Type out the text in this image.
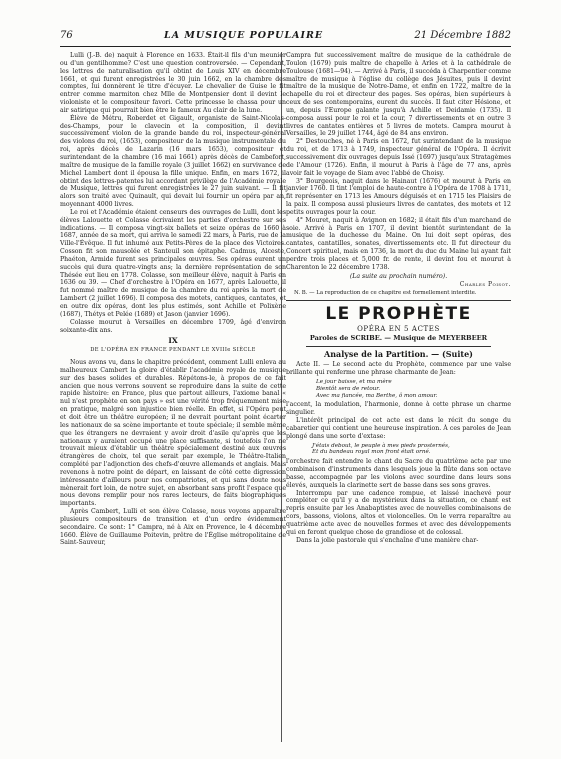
76	LA MUSIQUE POPULAIRE	21 Décembre 1882

Lulli (J.-B. de) naquit à Florence en 1633. Était-il fils d'un meunier ou d'un gentilhomme? C'est une question controversée. — Cependant, les lettres de naturalisation qu'il obtint de Louis XIV en décembre 1661, et qui furent enregistrées le 30 juin 1662, en la chambre des comptes, lui donnèrent le titre d'écuyer. Le chevalier de Guise le fit entrer comme marmiton chez Mlle de Montpensier dont il devint le violoniste et le compositeur favori. Cette princesse le chassa pour un air satirique qui pourrait bien être le fameux Au clair de la lune.

Élève de Métru, Roberdet et Gigault, organiste de Saint-Nicolas-des-Champs, pour le clavecin et la composition, il devint successivement violon de la grande bande du roi, inspecteur-général des violons du roi, (1653), compositeur de la musique instrumentale du roi, après décès de Lazarin (16 mars 1653), compositeur et surintendant de la chambre (16 mai 1661) après décès de Cambefort, maître de musique de la famille royale (3 juillet 1662) en survivance de Michel Lambert dont il épousa la fille unique. Enfin, en mars 1672, il obtint des lettres-patentes lui accordant privilège de l'Académie royale de Musique, lettres qui furent enregistrées le 27 juin suivant. — Il fit alors son traité avec Quinault, qui devait lui fournir un opéra par an, moyennant 4000 livres.

Le roi et l'Académie étaient censeurs des ouvrages de Lulli, dont les élèves Lalouette et Colasse écrivaient les parties d'orchestre sur ses indications. — Il composa vingt-six ballets et seize opéras de 1660 à 1687, année de sa mort, qui arriva le samedi 22 mars, à Paris, rue de la Ville-l'Évêque. Il fut inhumé aux Petits-Pères de la place des Victoires. Cosson fit son mausolée et Santeuil son épitaphe. Cadmus, Alceste, Phaéton, Armide furent ses principales œuvres. Ses opéras eurent un succès qui dura quatre-vingts ans; la dernière représentation de son Thésée eut lieu en 1778. Colasse, son meilleur élève, naquit à Paris en 1636 ou 39. — Chef d'orchestre à l'Opéra en 1677, après Lalouette, il fut nommé maître de musique de la chambre du roi après la mort de Lambert (2 juillet 1696). Il composa des motets, cantiques, cantates, et en outre dix opéras, dont les plus estimés, sont Achille et Polixène (1687), Thétys et Pelée (1689) et Jason (janvier 1696).

Colasse mourut à Versailles en décembre 1709, âgé d'environ soixante-dix ans.

IX
DE L'OPÉRA EN FRANCE PENDANT LE XVIIIe SIÈCLE

Nous avons vu, dans le chapitre précédent, comment Lulli enleva au malheureux Cambert la gloire d'établir l'académie royale de musique sur des bases solides et durables. Répétons-le, à propos de ce fait ancien que nous verrons souvent se reproduire dans la suite de cette rapide histoire: en France, plus que partout ailleurs, l'axiome banal « nul n'est prophète en son pays » est une vérité trop fréquemment mise en pratique, malgré son injustice bien réelle. En effet, si l'Opéra peut et doit être un théâtre européen; il ne devrait pourtant point écarter les nationaux de sa scène importante et toute spéciale; il semble même que les étrangers ne devraient y avoir droit d'asile qu'après que les nationaux y auraient occupé une place suffisante, si toutefois l'on ne trouvait mieux d'établir un théâtre spécialement destiné aux œuvres étrangères de choix, tel que serait par exemple, le Théâtre-Italien complété par l'adjonction des chefs-d'œuvre allemands et anglais. Mais revenons à notre point de départ, en laissant de côté cette digression intéressante d'ailleurs pour nos compatriotes, et qui sans doute nous mènerait fort loin, de notre sujet, en absorbant sans profit l'espace que nous devons remplir pour nos rares lecteurs, de faits biographiques importants.

Après Cambert, Lulli et son élève Colasse, nous voyons apparaître plusieurs compositeurs de transition et d'un ordre évidemment secondaire. Ce sont: 1° Campra, né à Aix en Provence, le 4 décembre 1660. Élève de Guillaume Poitevin, prêtre de l'Église métropolitaine de Saint-Sauveur,

Campra fut successivement maître de musique de la cathédrale de Toulon (1679) puis maître de chapelle à Arles et à la cathédrale de Toulouse (1681—94). — Arrivé à Paris, il succéda à Charpentier comme maître de musique à l'église du collège des Jésuites, puis il devint maître de la musique de Notre-Dame, et enfin en 1722, maître de la chapelle du roi et directeur des pages. Ses opéras, bien supérieurs à ceux de ses contemporains, eurent du succès. Il faut citer Hésione, et un, depuis l'Europe galante jusqu'à Achille et Deidamie (1735). Il composa aussi pour le roi et la cour, 7 divertissements et en outre 3 livres de cantates entières et 5 livres de motets. Campra mourut à Versailles, le 29 juillet 1744, âgé de 84 ans environ.

2° Destouches, né à Paris en 1672, fut surintendant de la musique du roi, et de 1713 à 1749, inspecteur général de l'Opéra. Il écrivit successivement dix ouvrages depuis Issé (1697) jusqu'aux Stratagèmes de l'Amour (1726). Enfin, il mourut à Paris à l'âge de 77 ans, après avoir fait le voyage de Siam avec l'abbé de Choisy.

3° Bourgeois, naquit dans le Hainaut (1676) et mourut à Paris en janvier 1760. Il tint l'emploi de haute-contre à l'Opéra de 1708 à 1711, fit représenter en 1713 les Amours déguisés et en 1715 les Plaisirs de la paix. Il composa aussi plusieurs livres de cantates, des motets et 12 petits ouvrages pour la cour.

4° Mouret, naquit à Avignon en 1682; il était fils d'un marchand de soie. Arrivé à Paris en 1707, il devint bientôt surintendant de la musique de la duchesse du Maine. On lui doit sept opéras, des cantates, cantatilles, sonates, divertissements etc. Il fut directeur du Concert spirituel, mais en 1736, la mort du duc du Maine lui ayant fait perdre trois places et 5,000 fr. de rente, il devint fou et mourut à Charenton le 22 décembre 1738.

(La suite au prochain numéro).
Charles Poisot.

N. B. — La reproduction de ce chapitre est formellement interdite.

LE PROPHÈTE
OPÉRA EN 5 ACTES
Paroles de SCRIBE. — Musique de MEYERBEER
Analyse de la Partition. — (Suite)

Acte II. — Le second acte du Prophète, commence par une valse brillante qui renferme une phrase charmante de Jean:

Le jour baisse, et ma mère
Bientôt sera de retour.
Avec ma fiancée, ma Berthe, ô mon amour.

l'accent, la modulation, l'harmonie, donne à cette phrase un charme singulier.

L'intérêt principal de cet acte est dans le récit du songe du cabaretier qui contient une heureuse inspiration. À ces paroles de Jean plongé dans une sorte d'extase:

J'étais debout, le peuple à mes pieds prosternés,
Et du bandeau royal mon front était orné.

l'orchestre fait entendre le chant du Sacre du quatrième acte par une combinaison d'instruments dans lesquels joue la flûte dans son octave basse, accompagnée par les violons avec sourdine dans leurs sons élevés, auxquels la clarinette sert de basse dans ses sons graves.

Interrompu par une cadence rompue, et laissé inachevé pour compléter ce qu'il y a de mystérieux dans la situation, ce chant est repris ensuite par les Anabaptistes avec de nouvelles combinaisons de cors, bassons, violons, altos et violoncelles. On le verra reparaître au quatrième acte avec de nouvelles formes et avec des développements qui en feront quelque chose de grandiose et de colossal.

Dans la jolie pastorale qui s'enchaîne d'une manière char-
